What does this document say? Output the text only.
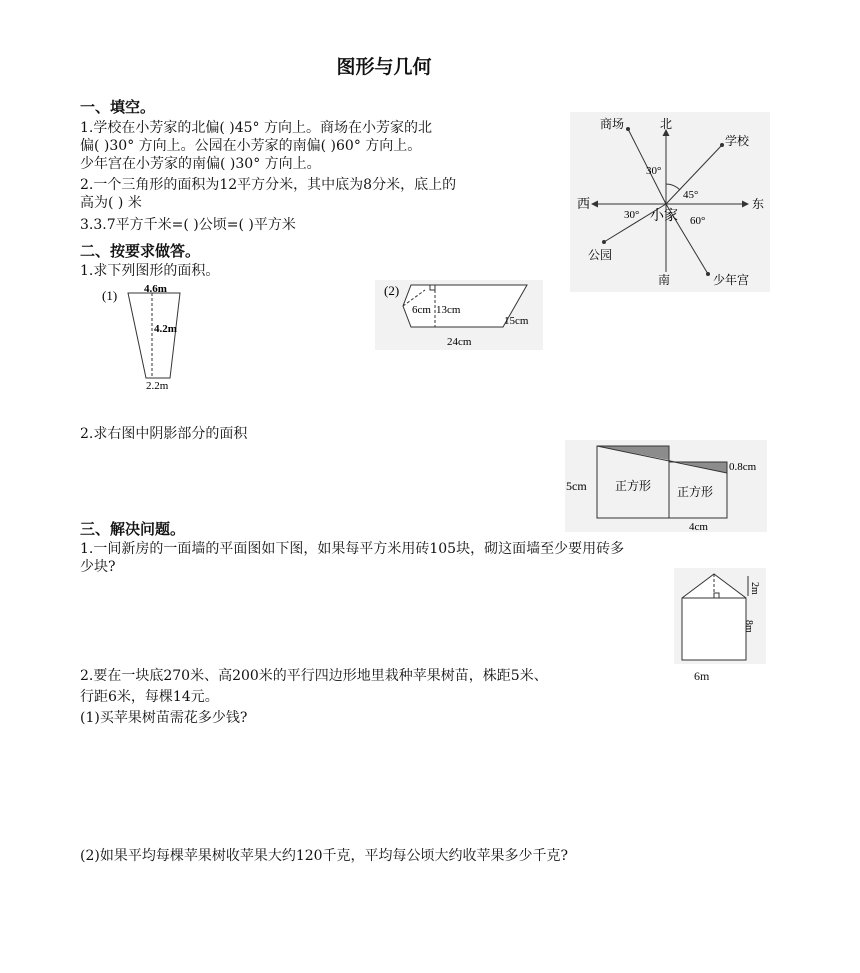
图形与几何
一、填空。
1.学校在小芳家的北偏( )45° 方向上。商场在小芳家的北
偏( )30° 方向上。公园在小芳家的南偏( )60° 方向上。
少年宫在小芳家的南偏( )30° 方向上。
2.一个三角形的面积为12平方分米，其中底为8分米，底上的
高为( ) 米
3.3.7平方千米=( )公顷=( )平方米
北
南
西	东
商场
学校
公园
少年宫
小家
30°
45°
30°	60°
二、按要求做答。
1.求下列图形的面积。
(1) 4.6m
4.2m
2.2m
(2)
6cm 13cm
15cm
24cm
2.求右图中阴影部分的面积
5cm
0.8cm
正方形 正方形
4cm
三、解决问题。
1.一间新房的一面墙的平面图如下图，如果每平方米用砖105块，砌这面墙至少要用砖多
少块?
2m
8m
6m
2.要在一块底270米、高200米的平行四边形地里栽种苹果树苗，株距5米、
行距6米，每棵14元。
(1)买苹果树苗需花多少钱?
(2)如果平均每棵苹果树收苹果大约120千克，平均每公顷大约收苹果多少千克?
